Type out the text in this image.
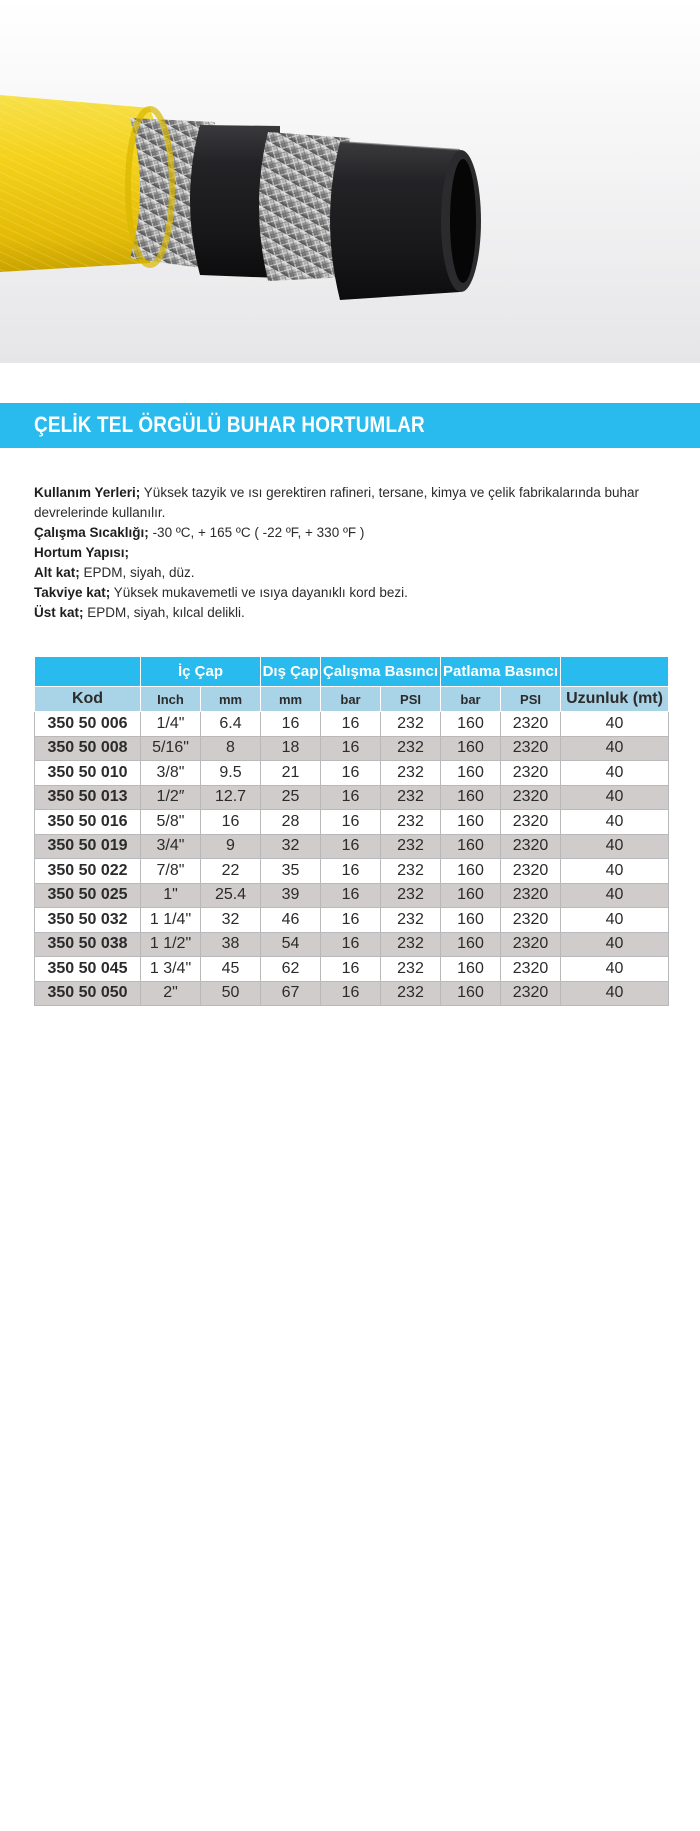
ÇELİK TEL ÖRGÜLÜ BUHAR HORTUMLAR

Kullanım Yerleri; Yüksek tazyik ve ısı gerektiren rafineri, tersane, kimya ve çelik fabrikalarında buhar devrelerinde kullanılır.

Çalışma Sıcaklığı; -30 ºC, + 165 ºC ( -22 ºF, + 330 ºF )

Hortum Yapısı;

Alt kat; EPDM, siyah, düz.

Takviye kat; Yüksek mukavemetli ve ısıya dayanıklı kord bezi.

Üst kat; EPDM, siyah, kılcal delikli.

	İç Çap		Dış Çap	Çalışma Basıncı		Patlama Basıncı		
Kod	Inch	mm	mm	bar	PSI	bar	PSI	Uzunluk (mt)
350 50 006	1/4"	6.4	16	16	232	160	2320	40
350 50 008	5/16"	8	18	16	232	160	2320	40
350 50 010	3/8"	9.5	21	16	232	160	2320	40
350 50 013	1/2″	12.7	25	16	232	160	2320	40
350 50 016	5/8"	16	28	16	232	160	2320	40
350 50 019	3/4"	9	32	16	232	160	2320	40
350 50 022	7/8"	22	35	16	232	160	2320	40
350 50 025	1"	25.4	39	16	232	160	2320	40
350 50 032	1 1/4"	32	46	16	232	160	2320	40
350 50 038	1 1/2"	38	54	16	232	160	2320	40
350 50 045	1 3/4"	45	62	16	232	160	2320	40
350 50 050	2"	50	67	16	232	160	2320	40
